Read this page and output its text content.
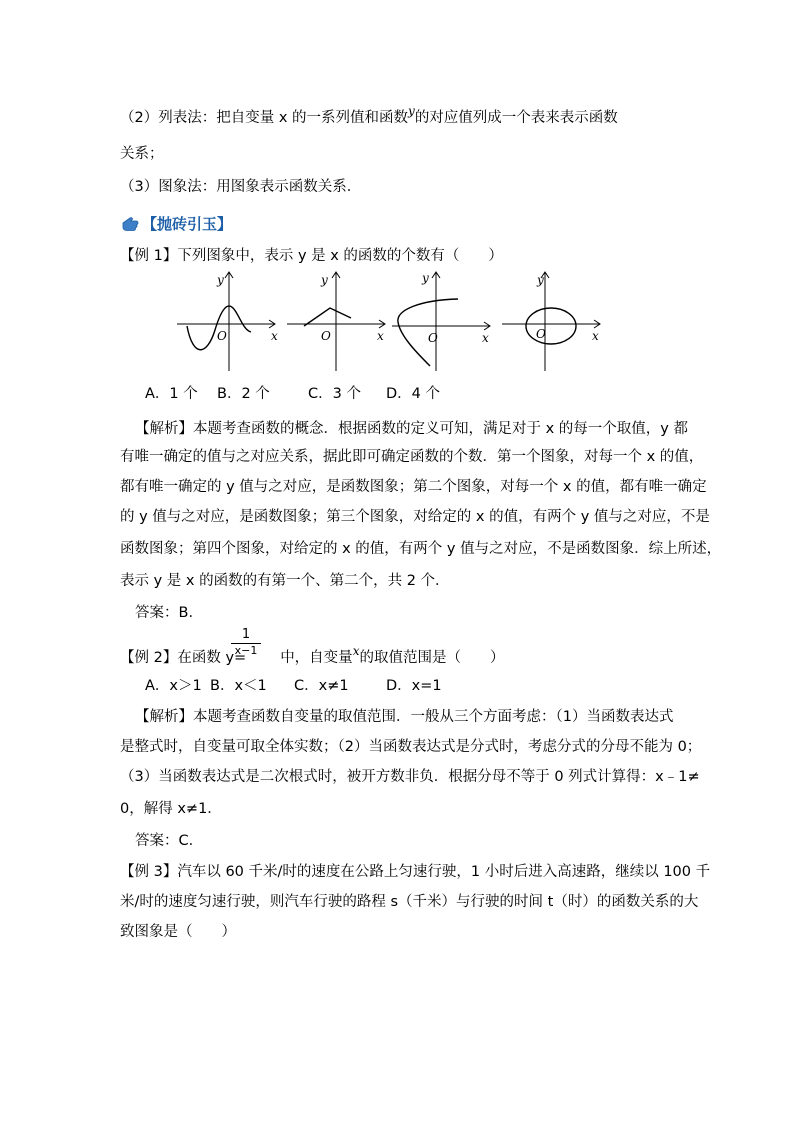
（2）列表法：把自变量 x 的一系列值和函数$^y$的对应值列成一个表来表示函数
关系；
（3）图象法：用图象表示函数关系．
【抛砖引玉】
【例 1】下列图象中，表示 y 是 x 的函数的个数有（　　）
x
y
O	x
y
O	x
y
O	x
y
O
A．1 个 B．2 个	C．3 个 D．4 个
【解析】本题考查函数的概念．根据函数的定义可知，满足对于 x 的每一个取值，y 都
有唯一确定的值与之对应关系，据此即可确定函数的个数．第一个图象，对每一个 x 的值，
都有唯一确定的 y 值与之对应，是函数图象；第二个图象，对每一个 x 的值，都有唯一确定
的 y 值与之对应，是函数图象；第三个图象，对给定的 x 的值，有两个 y 值与之对应，不是
函数图象；第四个图象，对给定的 x 的值，有两个 y 值与之对应，不是函数图象．综上所述，
表示 y 是 x 的函数的有第一个、第二个，共 2 个．
答案：B．
【例 2】在函数 y= 中，自变量$^x$的取值范围是（　　）
1
x−1
A．x＞1 B．x＜1 C．x≠1	D．x=1
【解析】本题考查函数自变量的取值范围．一般从三个方面考虑：（1）当函数表达式
是整式时，自变量可取全体实数；（2）当函数表达式是分式时，考虑分式的分母不能为 0；
（3）当函数表达式是二次根式时，被开方数非负．根据分母不等于 0 列式计算得：x﹣1≠
0，解得 x≠1．
答案：C．
【例 3】汽车以 60 千米/时的速度在公路上匀速行驶，1 小时后进入高速路，继续以 100 千
米/时的速度匀速行驶，则汽车行驶的路程 s（千米）与行驶的时间 t（时）的函数关系的大
致图象是（　　）
